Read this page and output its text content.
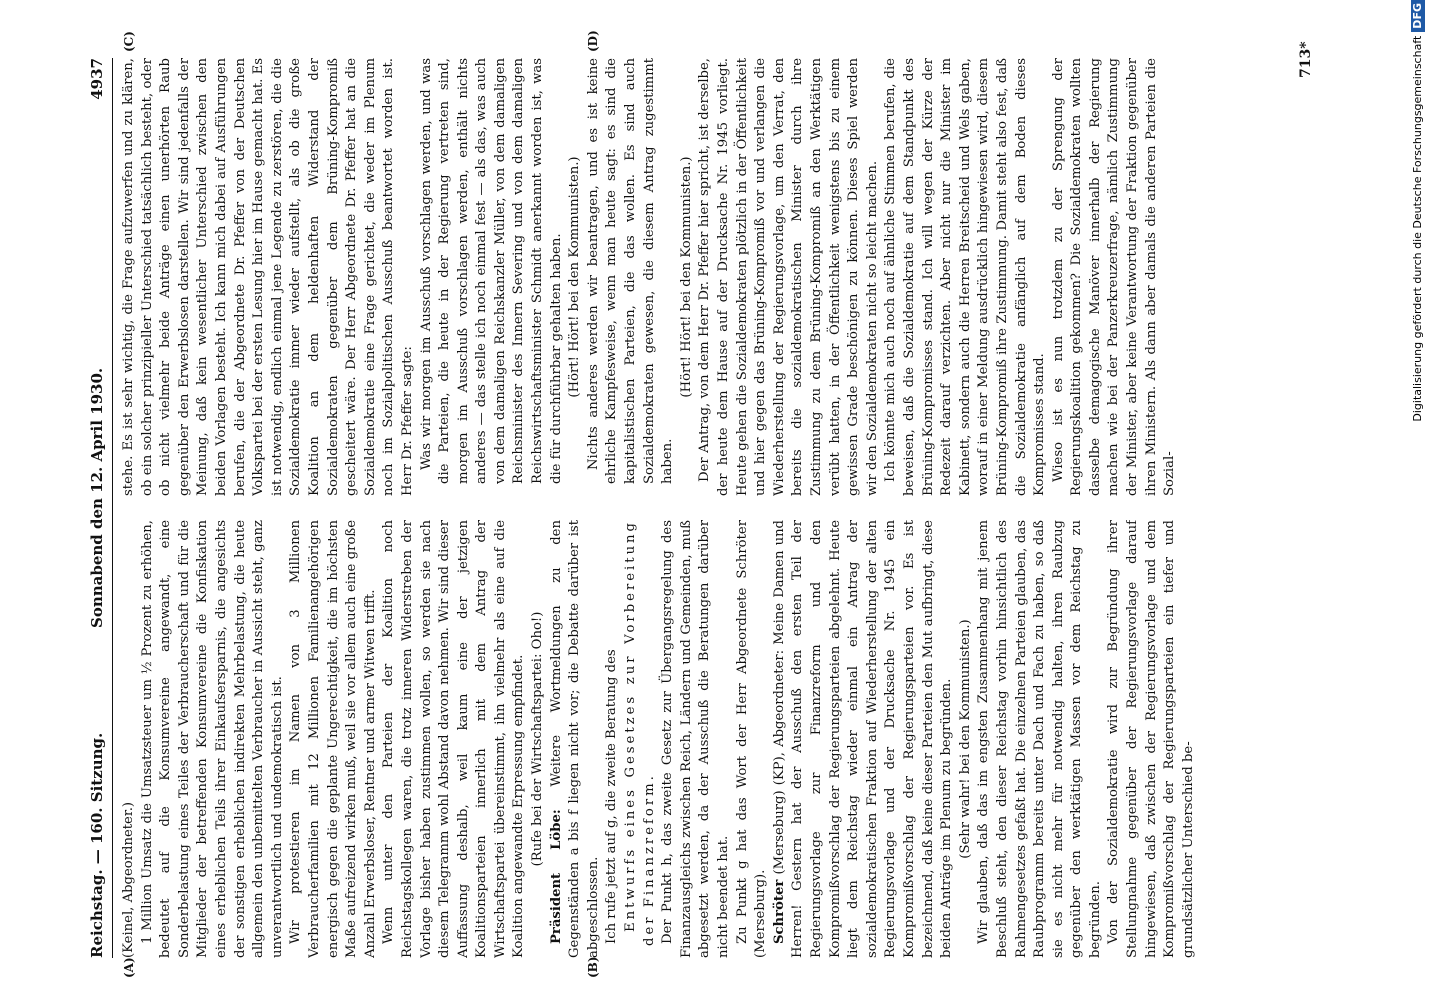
Reichstag. — 160. Sitzung.
Sonnabend den 12. April 1930.
4937
(A)	(B)
(C)	(D)

(Keinel, Abgeordneter.) 1 Million Umsatz die Umsatzsteuer um ½ Prozent zu erhöhen, bedeutet auf die Konsumvereine angewandt, eine Sonderbelastung eines Teiles der Verbraucherschaft und für die Mitglieder der betreffenden Konsumvereine die Konfiskation eines erheblichen Teils ihrer Einkaufsersparnis, die angesichts der sonstigen erheblichen indirekten Mehrbelastung, die heute allgemein den unbemittelten Verbraucher in Aussicht steht, ganz unverantwortlich und undemokratisch ist. Wir protestieren im Namen von 3 Millionen Verbraucherfamilien mit 12 Millionen Familienangehörigen energisch gegen die geplante Ungerechtigkeit, die im höchsten Maße aufreizend wirken muß, weil sie vor allem auch eine große Anzahl Erwerbsloser, Rentner und armer Witwen trifft. Wenn unter den Parteien der Koalition noch Reichstagskollegen waren, die trotz inneren Widerstreben der Vorlage bisher haben zustimmen wollen, so werden sie nach diesem Telegramm wohl Abstand davon nehmen. Wir sind dieser Auffassung deshalb, weil kaum eine der jetzigen Koalitionsparteien innerlich mit dem Antrag der Wirtschaftspartei übereinstimmt, ihn vielmehr als eine auf die Koalition angewandte Erpressung empfindet. (Rufe bei der Wirtschaftspartei: Oho!)

Präsident Löbe: Weitere Wortmeldungen zu den Gegenständen a bis f liegen nicht vor; die Debatte darüber ist abgeschlossen. Ich rufe jetzt auf g, die zweite Beratung des Entwurfs eines Gesetzes zur Vorbereitung der Finanzreform. Der Punkt h, das zweite Gesetz zur Übergangsregelung des Finanzausgleichs zwischen Reich, Ländern und Gemeinden, muß abgesetzt werden, da der Ausschuß die Beratungen darüber nicht beendet hat. Zu Punkt g hat das Wort der Herr Abgeordnete Schröter (Merseburg). Schröter (Merseburg) (KP), Abgeordneter: Meine Damen und Herren! Gestern hat der Ausschuß den ersten Teil der Regierungsvorlage zur Finanzreform und den Kompromißvorschlag der Regierungsparteien abgelehnt. Heute liegt dem Reichstag wieder einmal ein Antrag der sozialdemokratischen Fraktion auf Wiederherstellung der alten Regierungsvorlage und der Drucksache Nr. 1945 ein Kompromißvorschlag der Regierungsparteien vor. Es ist bezeichnend, daß keine dieser Parteien den Mut aufbringt, diese beiden Anträge im Plenum zu begründen. (Sehr wahr! bei den Kommunisten.) Wir glauben, daß das im engsten Zusammenhang mit jenem Beschluß steht, den dieser Reichstag vorhin hinsichtlich des Rahmengesetzes gefaßt hat. Die einzelnen Parteien glauben, das Raubprogramm bereits unter Dach und Fach zu haben, so daß sie es nicht mehr für notwendig halten, ihren Raubzug gegenüber den werktätigen Massen vor dem Reichstag zu begründen. Von der Sozialdemokratie wird zur Begründung ihrer Stellungnahme gegenüber der Regierungsvorlage darauf hingewiesen, daß zwischen der Regierungsvorlage und dem Kompromißvorschlag der Regierungsparteien ein tiefer und grundsätzlicher Unterschied be-

stehe. Es ist sehr wichtig, die Frage aufzuwerfen und zu klären, ob ein solcher prinzipieller Unterschied tatsächlich besteht, oder ob nicht vielmehr beide Anträge einen unerhörten Raub gegenüber den Erwerbslosen darstellen. Wir sind jedenfalls der Meinung, daß kein wesentlicher Unterschied zwischen den beiden Vorlagen besteht. Ich kann mich dabei auf Ausführungen berufen, die der Abgeordnete Dr. Pfeffer von der Deutschen Volkspartei bei der ersten Lesung hier im Hause gemacht hat. Es ist notwendig, endlich einmal jene Legende zu zerstören, die die Sozialdemokratie immer wieder aufstellt, als ob die große Koalition an dem heldenhaften Widerstand der Sozialdemokraten gegenüber dem Brüning-Kompromiß gescheitert wäre. Der Herr Abgeordnete Dr. Pfeffer hat an die Sozialdemokratie eine Frage gerichtet, die weder im Plenum noch im Sozialpolitischen Ausschuß beantwortet worden ist. Herr Dr. Pfeffer sagte: Was wir morgen im Ausschuß vorschlagen werden, und was die Parteien, die heute in der Regierung vertreten sind, morgen im Ausschuß vorschlagen werden, enthält nichts anderes — das stelle ich noch einmal fest — als das, was auch von dem damaligen Reichskanzler Müller, von dem damaligen Reichsminister des Innern Severing und von dem damaligen Reichswirtschaftsminister Schmidt anerkannt worden ist, was die für durchführbar gehalten haben. (Hört! Hört! bei den Kommunisten.) Nichts anderes werden wir beantragen, und es ist keine ehrliche Kampfesweise, wenn man heute sagt: es sind die kapitalistischen Parteien, die das wollen. Es sind auch Sozialdemokraten gewesen, die diesem Antrag zugestimmt haben.

(Hört! Hört! bei den Kommunisten.) Der Antrag, von dem Herr Dr. Pfeffer hier spricht, ist derselbe, der heute dem Hause auf der Drucksache Nr. 1945 vorliegt. Heute gehen die Sozialdemokraten plötzlich in der Öffentlichkeit und hier gegen das Brüning-Kompromiß vor und verlangen die Wiederherstellung der Regierungsvorlage, um den Verrat, den bereits die sozialdemokratischen Minister durch ihre Zustimmung zu dem Brüning-Kompromiß an den Werktätigen verübt hatten, in der Öffentlichkeit wenigstens bis zu einem gewissen Grade beschönigen zu können. Dieses Spiel werden wir den Sozialdemokraten nicht so leicht machen. Ich könnte mich auch noch auf ähnliche Stimmen berufen, die beweisen, daß die Sozialdemokratie auf dem Standpunkt des Brüning-Kompromisses stand. Ich will wegen der Kürze der Redezeit darauf verzichten. Aber nicht nur die Minister im Kabinett, sondern auch die Herren Breitscheid und Wels gaben, worauf in einer Meldung ausdrücklich hingewiesen wird, diesem Brüning-Kompromiß ihre Zustimmung. Damit steht also fest, daß die Sozialdemokratie anfänglich auf dem Boden dieses Kompromisses stand. Wieso ist es nun trotzdem zu der Sprengung der Regierungskoalition gekommen? Die Sozialdemokraten wollten dasselbe demagogische Manöver innerhalb der Regierung machen wie bei der Panzerkreuzerfrage, nämlich Zustimmung der Minister, aber keine Verantwortung der Fraktion gegenüber ihren Ministern. Als dann aber damals die anderen Parteien die Sozial-

713*	Digitalisierung gefördert durch die Deutsche ForschungsgemeinschaftDFG
